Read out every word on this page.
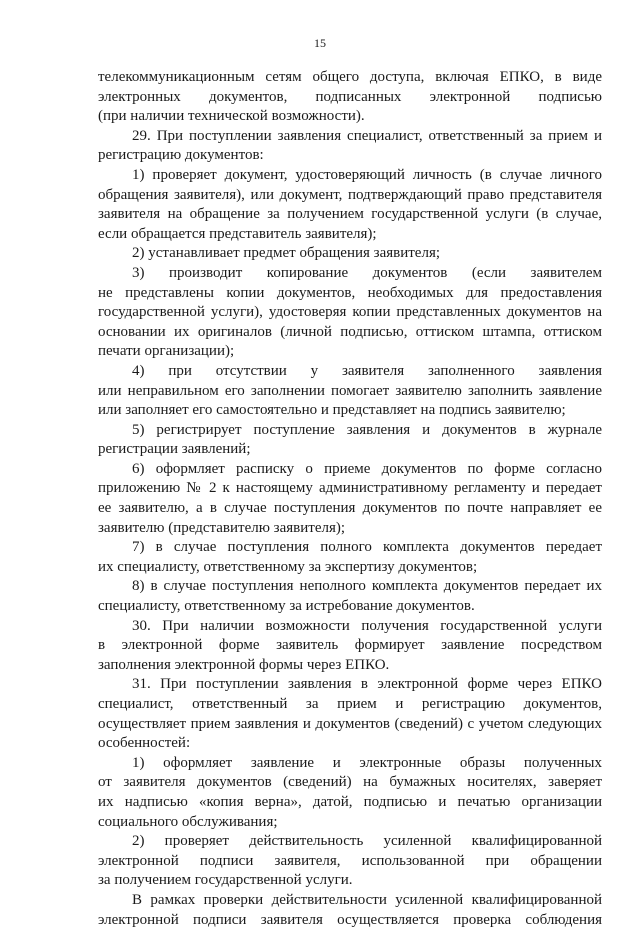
15
телекоммуникационным сетям общего доступа, включая ЕПКО, в виде
электронных документов, подписанных электронной подписью
(при наличии технической возможности).
29. При поступлении заявления специалист, ответственный за прием и
регистрацию документов:
1) проверяет документ, удостоверяющий личность (в случае личного
обращения заявителя), или документ, подтверждающий право представителя
заявителя на обращение за получением государственной услуги (в случае,
если обращается представитель заявителя);
2) устанавливает предмет обращения заявителя;
3) производит копирование документов (если заявителем
не представлены копии документов, необходимых для предоставления
государственной услуги), удостоверяя копии представленных документов на
основании их оригиналов (личной подписью, оттиском штампа, оттиском
печати организации);
4) при отсутствии у заявителя заполненного заявления
или неправильном его заполнении помогает заявителю заполнить заявление
или заполняет его самостоятельно и представляет на подпись заявителю;
5) регистрирует поступление заявления и документов в журнале
регистрации заявлений;
6) оформляет расписку о приеме документов по форме согласно
приложению № 2 к настоящему административному регламенту и передает
ее заявителю, а в случае поступления документов по почте направляет ее
заявителю (представителю заявителя);
7) в случае поступления полного комплекта документов передает
их специалисту, ответственному за экспертизу документов;
8) в случае поступления неполного комплекта документов передает их
специалисту, ответственному за истребование документов.
30. При наличии возможности получения государственной услуги
в электронной форме заявитель формирует заявление посредством
заполнения электронной формы через ЕПКО.
31. При поступлении заявления в электронной форме через ЕПКО
специалист, ответственный за прием и регистрацию документов,
осуществляет прием заявления и документов (сведений) с учетом следующих
особенностей:
1) оформляет заявление и электронные образы полученных
от заявителя документов (сведений) на бумажных носителях, заверяет
их надписью «копия верна», датой, подписью и печатью организации
социального обслуживания;
2) проверяет действительность усиленной квалифицированной
электронной подписи заявителя, использованной при обращении
за получением государственной услуги.
В рамках проверки действительности усиленной квалифицированной
электронной подписи заявителя осуществляется проверка соблюдения
